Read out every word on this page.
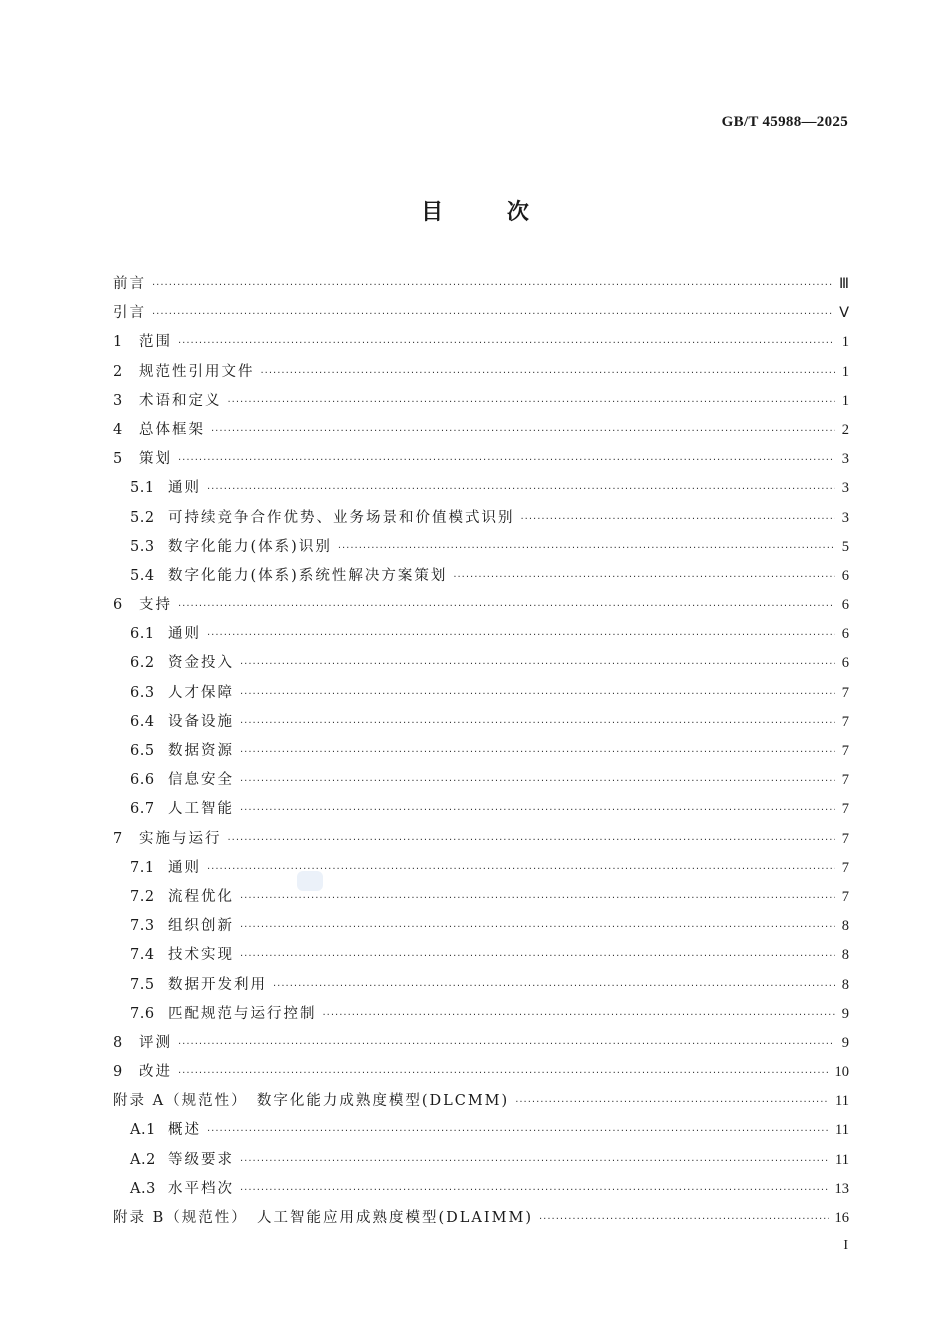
GB/T 45988—2025
目	次
前言 ·····	Ⅲ
引言 ·····	Ⅴ
1	范围 ·····	1
2	规范性引用文件 ·····	1
3	术语和定义 ·····	1
4	总体框架 ·····	2
5	策划 ·····	3
5.1 通则 ·····	3
5.2 可持续竞争合作优势、业务场景和价值模式识别 ·····	3
5.3 数字化能力(体系)识别 ·····	5
5.4 数字化能力(体系)系统性解决方案策划 ·····	6
6	支持 ·····	6
6.1 通则 ·····	6
6.2 资金投入 ·····	6
6.3 人才保障 ·····	7
6.4 设备设施 ·····	7
6.5 数据资源 ·····	7
6.6 信息安全 ·····	7
6.7 人工智能 ·····	7
7	实施与运行 ·····	7
7.1 通则 ·····	7
7.2 流程优化 ·····	7
7.3 组织创新 ·····	8
7.4 技术实现 ·····	8
7.5 数据开发利用 ·····	8
7.6 匹配规范与运行控制 ·····	9
8	评测 ·····	9
9	改进 ·····	10
附录 A（规范性）　数字化能力成熟度模型(DLCMM) ·····	11
A.1 概述 ·····	11
A.2 等级要求 ·····	11
A.3 水平档次 ·····	13
附录 B（规范性）　人工智能应用成熟度模型(DLAIMM) ·····	16
I
